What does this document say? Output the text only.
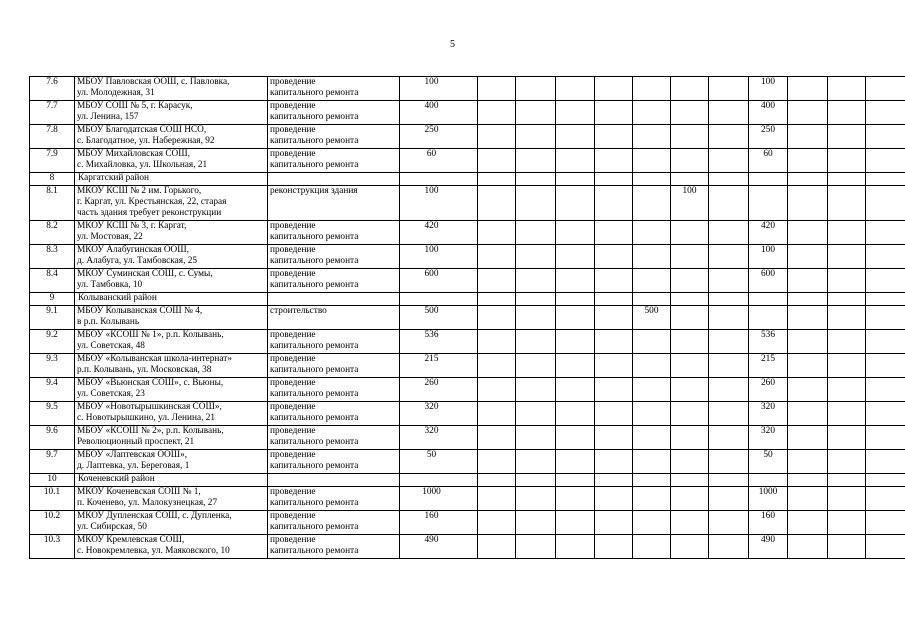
5
7.6	МБОУ Павловская ООШ, с. Павловка,
ул. Молодежная, 31	проведение
капитального ремонта	100								100			
7.7	МБОУ СОШ № 5, г. Карасук,
ул. Ленина, 157	проведение
капитального ремонта	400								400			
7.8	МБОУ Благодатская СОШ НСО,
с. Благодатное, ул. Набережная, 92	проведение
капитального ремонта	250								250			
7.9	МБОУ Михайловская СОШ,
с. Михайловка, ул. Школьная, 21	проведение
капитального ремонта	60								60			
8	Каргатский район													
8.1	МКОУ КСШ № 2 им. Горького,
г. Каргат, ул. Крестьянская, 22, старая
часть здания требует реконструкции	реконструкция здания	100						100					
8.2	МКОУ КСШ № 3, г. Каргат,
ул. Мостовая, 22	проведение
капитального ремонта	420								420			
8.3	МКОУ Алабугинская ООШ,
д. Алабуга, ул. Тамбовская, 25	проведение
капитального ремонта	100								100			
8.4	МКОУ Суминская СОШ, с. Сумы,
ул. Тамбовка, 10	проведение
капитального ремонта	600								600			
9	Колыванский район													
9.1	МБОУ Колыванская СОШ № 4,
в р.п. Колывань	строительство	500					500						
9.2	МБОУ «КСОШ № 1», р.п. Колывань,
ул. Советская, 48	проведение
капитального ремонта	536								536			
9.3	МБОУ «Колыванская школа-интернат»
р.п. Колывань, ул. Московская, 38	проведение
капитального ремонта	215								215			
9.4	МБОУ «Вьюнская СОШ», с. Вьюны,
ул. Советская, 23	проведение
капитального ремонта	260								260			
9.5	МБОУ «Новотырышкинская СОШ»,
с. Новотырышкино, ул. Ленина, 21	проведение
капитального ремонта	320								320			
9.6	МБОУ «КСОШ № 2», р.п. Колывань,
Революционный проспект, 21	проведение
капитального ремонта	320								320			
9.7	МБОУ «Лаптевская ООШ»,
д. Лаптевка, ул. Береговая, 1	проведение
капитального ремонта	50								50			
10	Коченевский район													
10.1	МКОУ Коченевская СОШ № 1,
п. Коченево, ул. Малокузнецкая, 27	проведение
капитального ремонта	1000								1000			
10.2	МКОУ Дупленская СОШ, с. Дупленка,
ул. Сибирская, 50	проведение
капитального ремонта	160								160			
10.3	МКОУ Кремлевская СОШ,
с. Новокремлевка, ул. Маяковского, 10	проведение
капитального ремонта	490								490			
